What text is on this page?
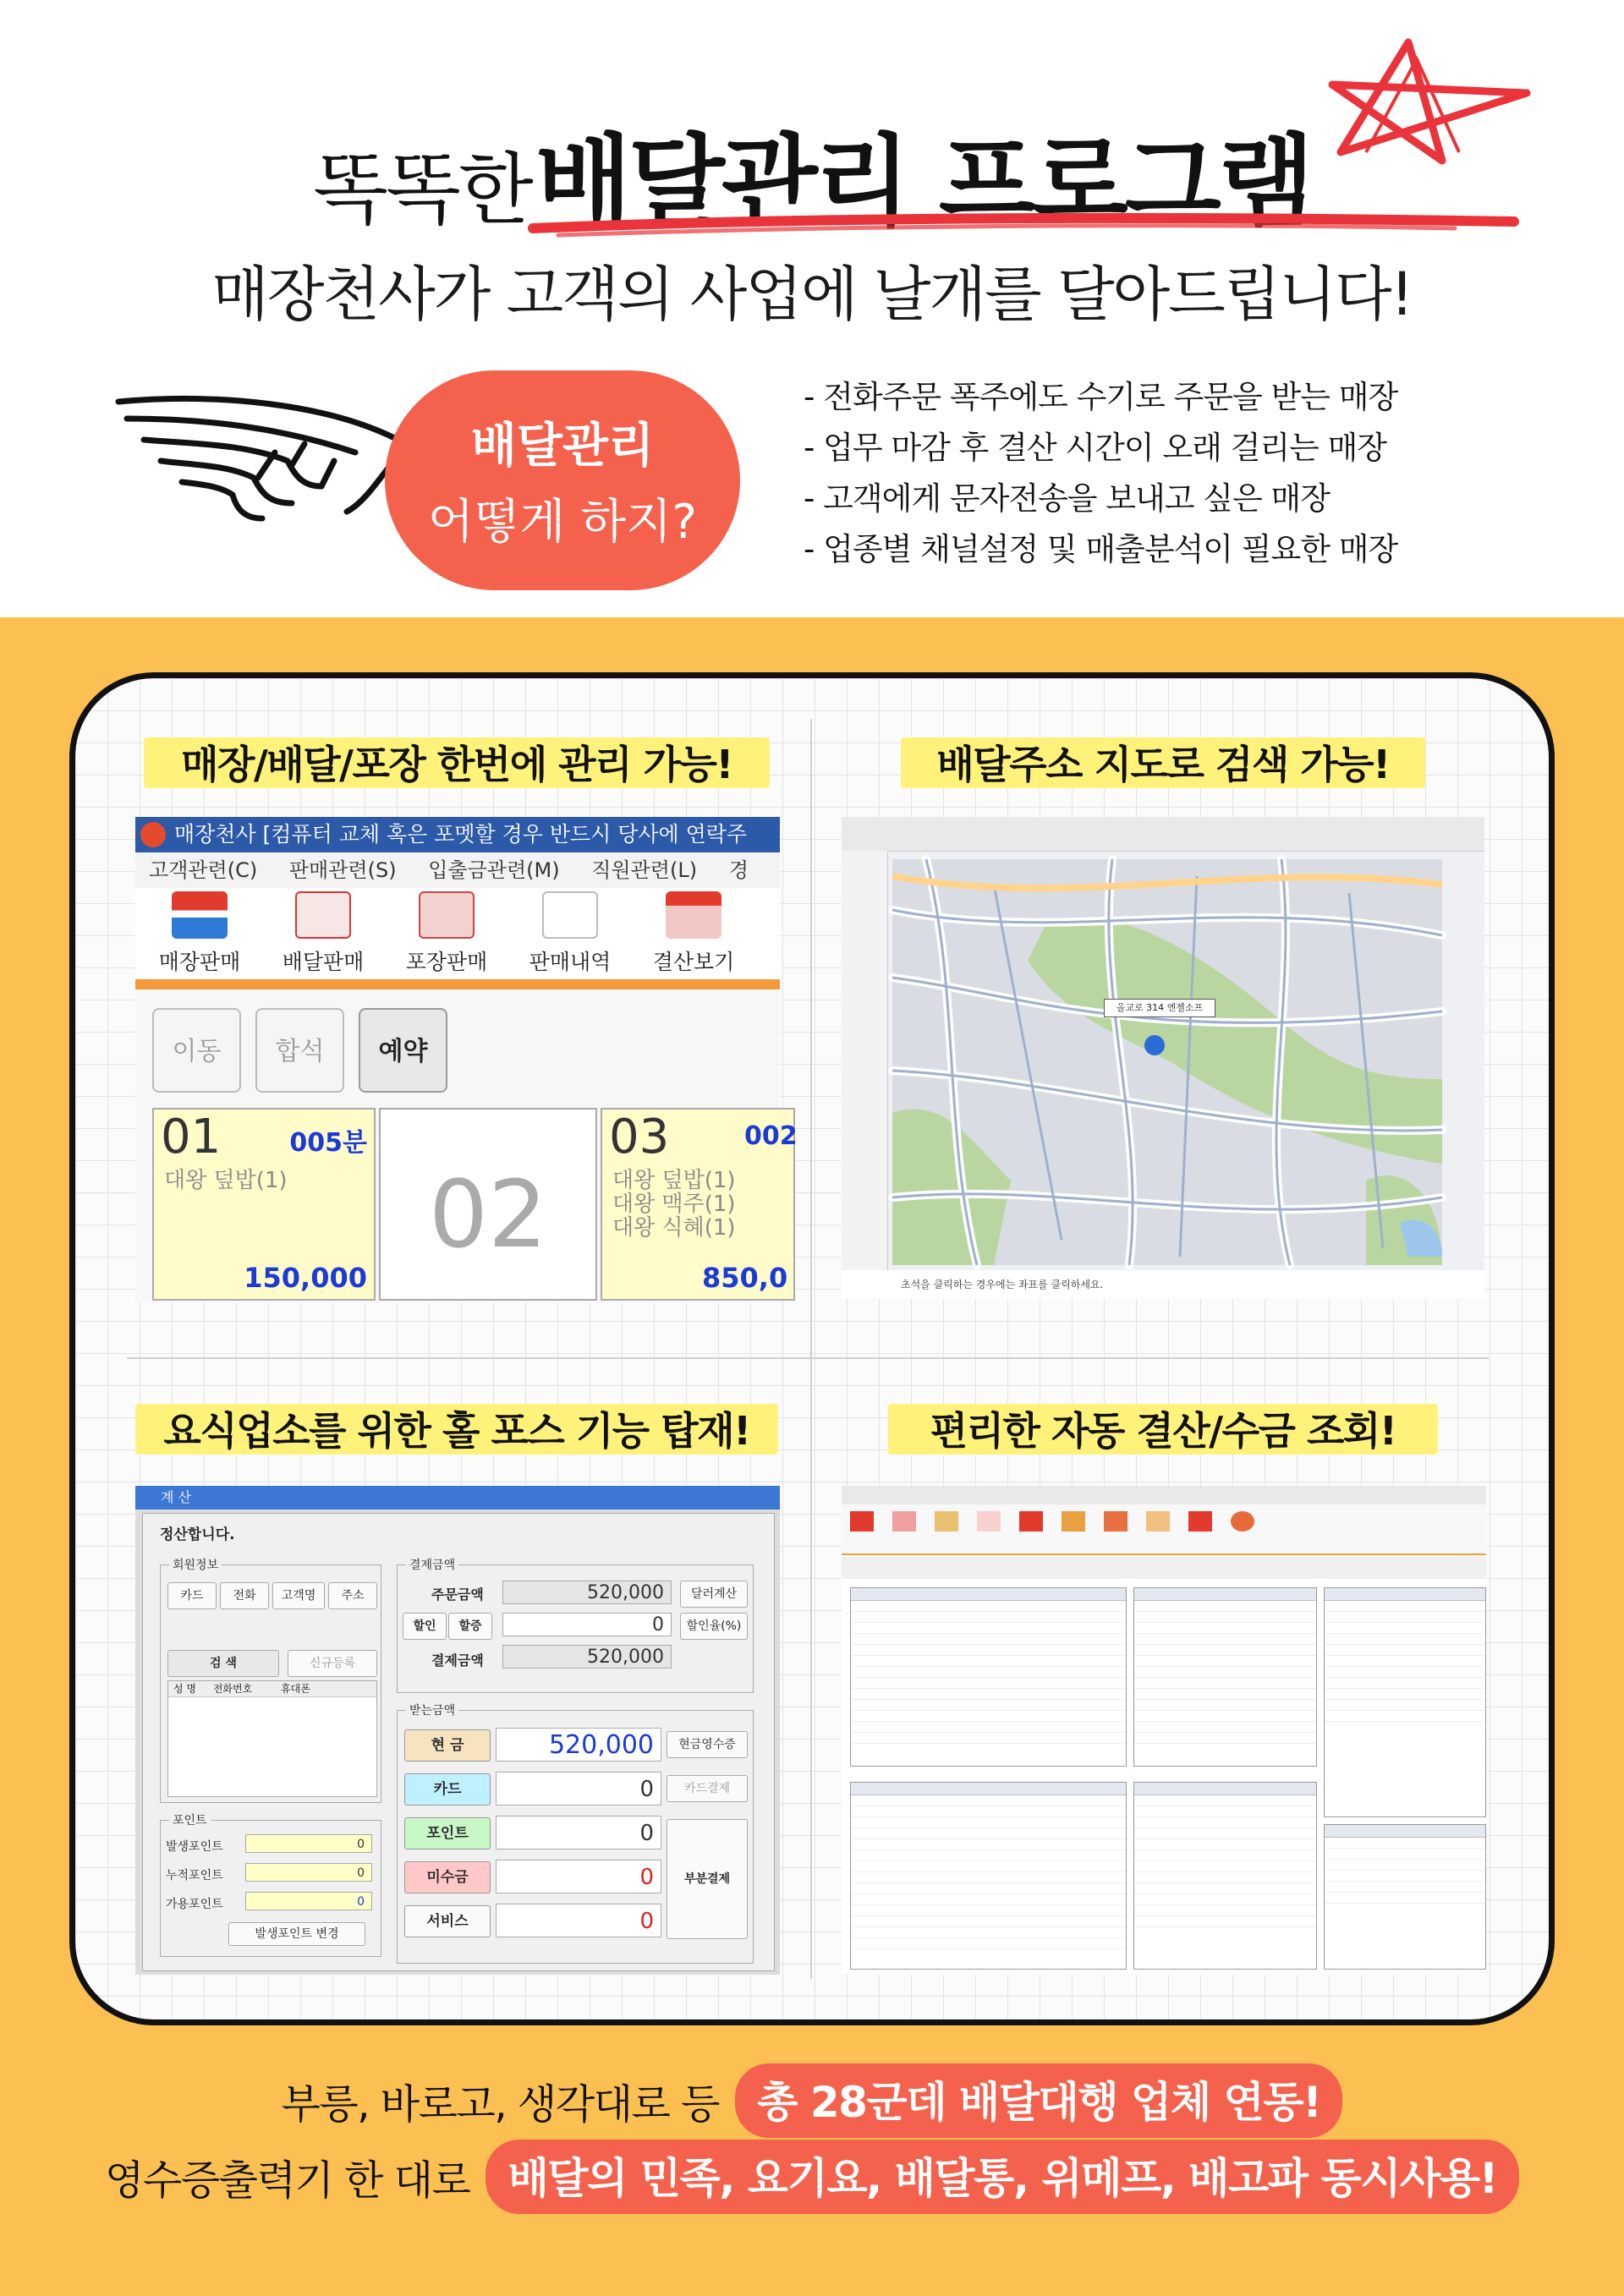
똑똑한 배달관리 프로그램
매장천사가 고객의 사업에 날개를 달아드립니다!
배달관리
어떻게 하지?
- 전화주문 폭주에도 수기로 주문을 받는 매장
- 업무 마감 후 결산 시간이 오래 걸리는 매장
- 고객에게 문자전송을 보내고 싶은 매장
- 업종별 채널설정 및 매출분석이 필요한 매장
매장/배달/포장 한번에 관리 가능!	배달주소 지도로 검색 가능!
요식업소를 위한 홀 포스 기능 탑재!	편리한 자동 결산/수금 조회!
매장천사 [컴퓨터 교체 혹은 포멧할 경우 반드시 당사에 연락주
고객관련(C) 판매관련(S) 입출금관련(M) 직원관련(L) 경
매장판매	배달판매	포장판매	판매내역	결산보기
이동	합석	예약
01	005분
대왕 덮밥(1)
150,000
02
03	002
대왕 덮밥(1)
대왕 맥주(1)
대왕 식혜(1)
850,0
올교로 314 엔젤소프
초석을 클릭하는 경우에는 좌표를 클릭하세요.
계 산
정산합니다.
회원정보
카드	전화	고객명	주소
검 색	신규등록
성 명 전화번호	휴대폰
포인트
발생포인트	0
누적포인트	0
가용포인트	0
발생포인트 변경
결제금액
주문금액	520,000	달러계산
할인	할증	0	할인율(%)
결제금액	520,000
받는금액
현 금	520,000	현금영수증
카드	0	카드결제
포인트	0
미수금	0
서비스	0
부분결제
부릉, 바로고, 생각대로 등 총 28군데 배달대행 업체 연동!
영수증출력기 한 대로 배달의 민족, 요기요, 배달통, 위메프, 배고파 동시사용!
